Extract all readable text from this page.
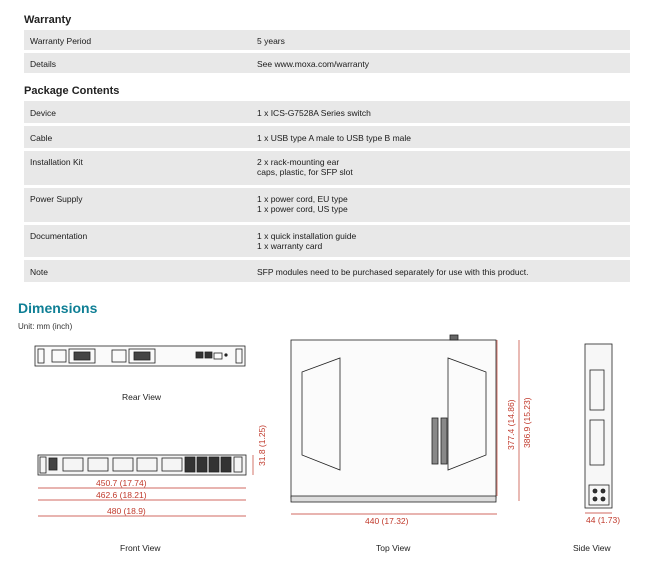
Warranty
Warranty Period	5 years
Details	See www.moxa.com/warranty
Package Contents
Device	1 x ICS-G7528A Series switch
Cable	1 x USB type A male to USB type B male
Installation Kit	2 x rack-mounting ear
caps, plastic, for SFP slot
Power Supply	1 x power cord, EU type
1 x power cord, US type
Documentation	1 x quick installation guide
1 x warranty card
Note	SFP modules need to be purchased separately for use with this product.
Dimensions
Unit: mm (inch)
450.7 (17.74)
462.6 (18.21)
480 (18.9)
440 (17.32)	44 (1.73)
31.8 (1.25)	377.4 (14.86) 386.9 (15.23)
Rear View
Front View	Top View	Side View
